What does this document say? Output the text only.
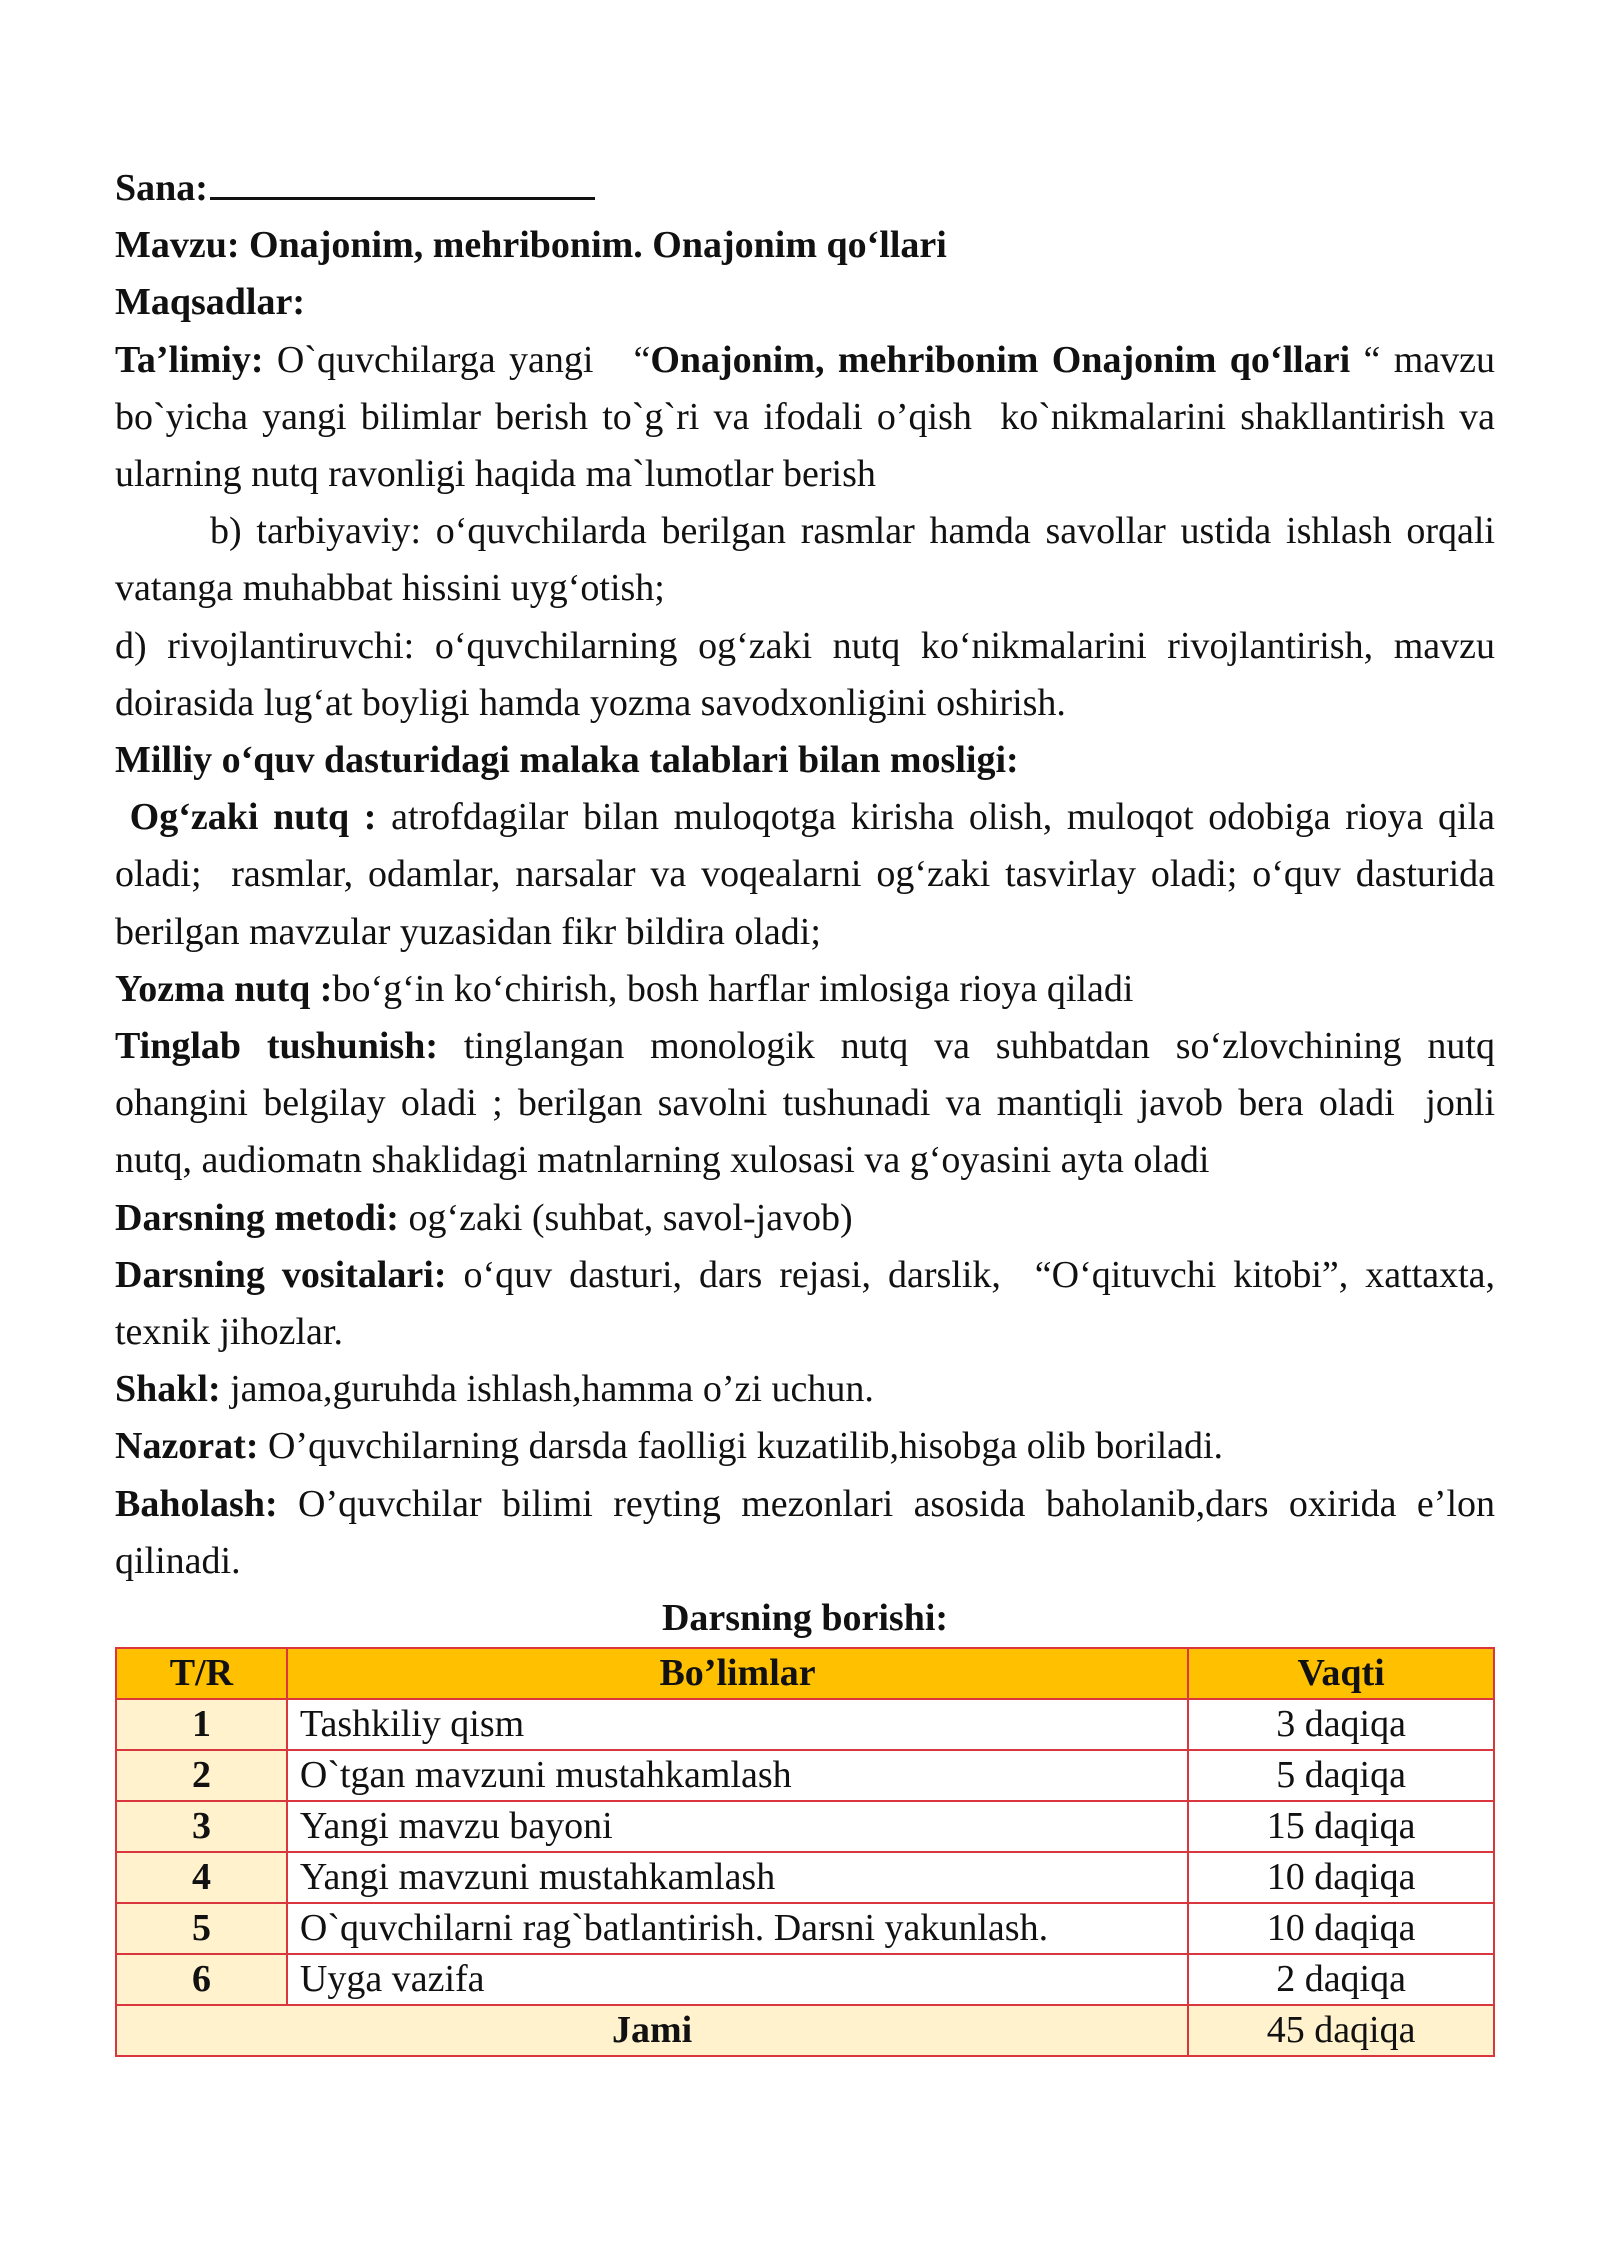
Sana:

Mavzu: Onajonim, mehribonim. Onajonim qo‘llari

Maqsadlar:

Ta’limiy: O`quvchilarga yangi   “Onajonim, mehribonim Onajonim qo‘llari “ mavzu bo`yicha yangi bilimlar berish to`g`ri va ifodali o’qish  ko`nikmalarini shakllantirish va ularning nutq ravonligi haqida ma`lumotlar berish

b) tarbiyaviy: o‘quvchilarda berilgan rasmlar hamda savollar ustida ishlash orqali vatanga muhabbat hissini uyg‘otish;

d) rivojlantiruvchi: o‘quvchilarning og‘zaki nutq ko‘nikmalarini rivojlantirish, mavzu doirasida lug‘at boyligi hamda yozma savodxonligini oshirish.

Milliy o‘quv dasturidagi malaka talablari bilan mosligi:

Og‘zaki nutq : atrofdagilar bilan muloqotga kirisha olish, muloqot odobiga rioya qila oladi;  rasmlar, odamlar, narsalar va voqealarni og‘zaki tasvirlay oladi; o‘quv dasturida berilgan mavzular yuzasidan fikr bildira oladi;

Yozma nutq :bo‘g‘in ko‘chirish, bosh harflar imlosiga rioya qiladi

Tinglab tushunish: tinglangan monologik nutq va suhbatdan so‘zlovchining nutq ohangini belgilay oladi ; berilgan savolni tushunadi va mantiqli javob bera oladi  jonli nutq, audiomatn shaklidagi matnlarning xulosasi va g‘oyasini ayta oladi

Darsning metodi: og‘zaki (suhbat, savol-javob)

Darsning vositalari: o‘quv dasturi, dars rejasi, darslik,  “O‘qituvchi kitobi”, xattaxta, texnik jihozlar.

Shakl: jamoa,guruhda ishlash,hamma o’zi uchun.

Nazorat: O’quvchilarning darsda faolligi kuzatilib,hisobga olib boriladi.

Baholash: O’quvchilar bilimi reyting mezonlari asosida baholanib,dars oxirida e’lon qilinadi.

Darsning borishi:

T/R	Bo’limlar	Vaqti
1	Tashkiliy qism	3 daqiqa
2	O`tgan mavzuni mustahkamlash	5 daqiqa
3	Yangi mavzu bayoni	15 daqiqa
4	Yangi mavzuni mustahkamlash	10 daqiqa
5	O`quvchilarni rag`batlantirish. Darsni yakunlash.	10 daqiqa
6	Uyga vazifa	2 daqiqa
Jami		45 daqiqa
